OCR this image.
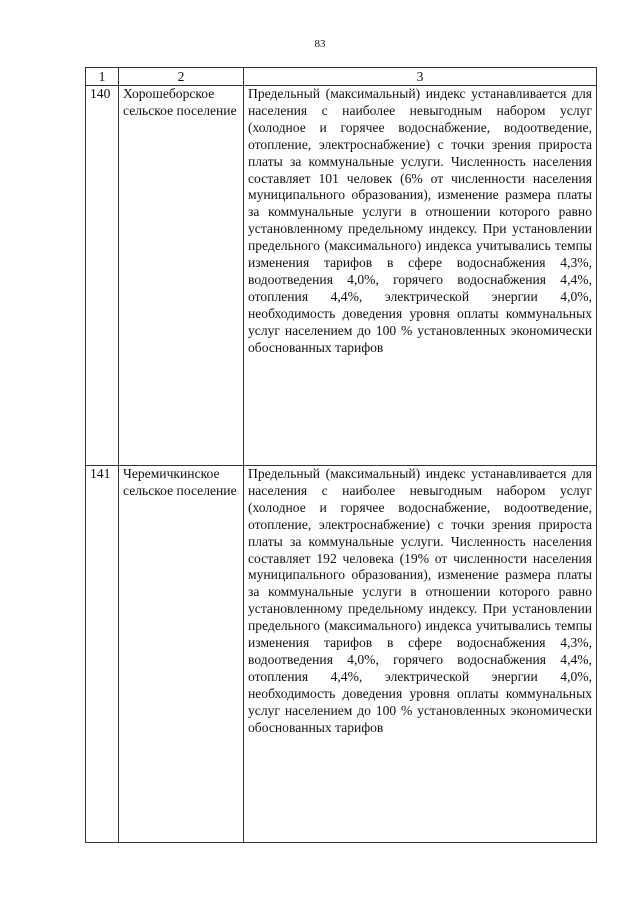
83
1	2	3
140	Хорошеборское сельское поселение	Предельный (максимальный) индекс устанавливается для населения с наиболее невыгодным набором услуг (холодное и горячее водоснабжение, водоотведение, отопление, электроснабжение) с точки зрения прироста платы за коммунальные услуги. Численность населения составляет 101 человек (6% от численности населения муниципального образования), изменение размера платы за коммунальные услуги в отношении которого равно установленному предельному индексу. При установлении предельного (максимального) индекса учитывались темпы изменения тарифов в сфере водоснабжения 4,3%, водоотведения 4,0%, горячего водоснабжения 4,4%, отопления 4,4%, электрической энергии 4,0%, необходимость доведения уровня оплаты коммунальных услуг населением до 100 % установленных экономически обоснованных тарифов
141	Черемичкинское сельское поселение	Предельный (максимальный) индекс устанавливается для населения с наиболее невыгодным набором услуг (холодное и горячее водоснабжение, водоотведение, отопление, электроснабжение) с точки зрения прироста платы за коммунальные услуги. Численность населения составляет 192 человека (19% от численности населения муниципального образования), изменение размера платы за коммунальные услуги в отношении которого равно установленному предельному индексу. При установлении предельного (максимального) индекса учитывались темпы изменения тарифов в сфере водоснабжения 4,3%, водоотведения 4,0%, горячего водоснабжения 4,4%, отопления 4,4%, электрической энергии 4,0%, необходимость доведения уровня оплаты коммунальных услуг населением до 100 % установленных экономически обоснованных тарифов
